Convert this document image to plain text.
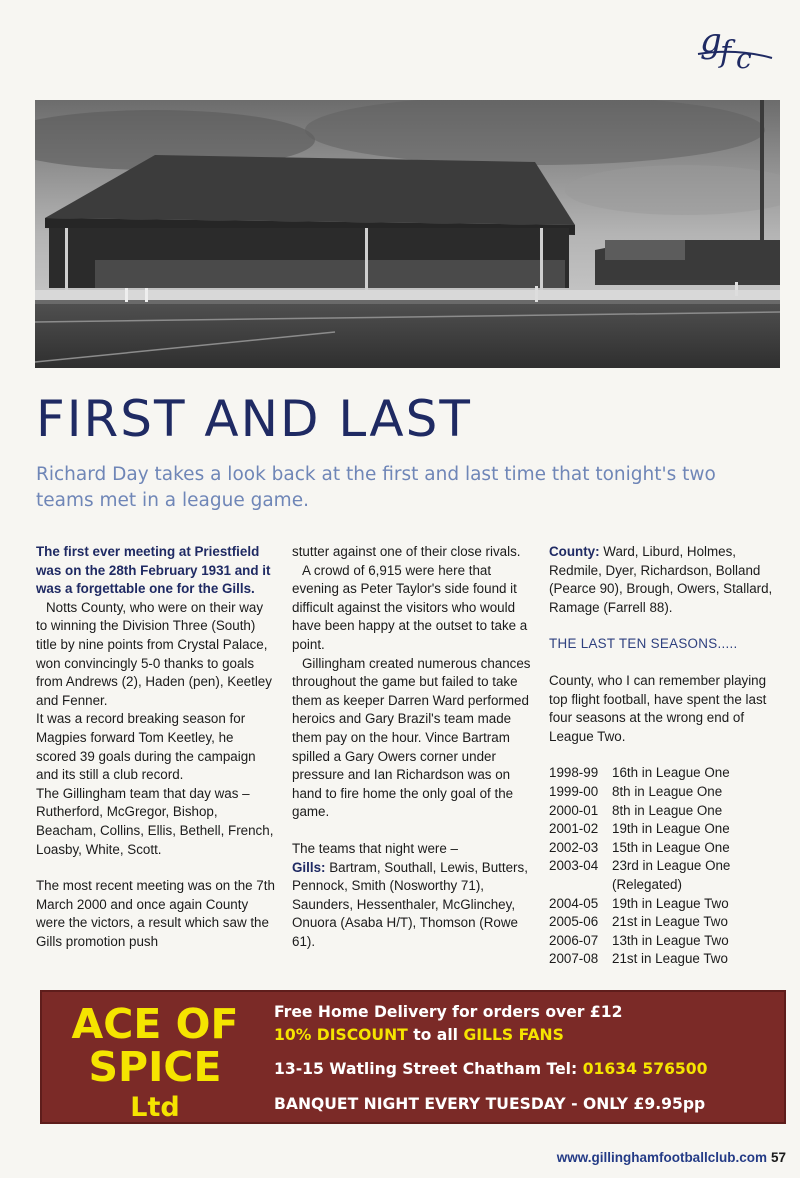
g
f c
FIRST AND LAST

Richard Day takes a look back at the first and last time that tonight's two teams met in a league game.

The first ever meeting at Priestfield was on the 28th February 1931 and it was a forgettable one for the Gills.

Notts County, who were on their way to winning the Division Three (South) title by nine points from Crystal Palace, won convincingly 5-0 thanks to goals from Andrews (2), Haden (pen), Keetley and Fenner.

It was a record breaking season for Magpies forward Tom Keetley, he scored 39 goals during the campaign and its still a club record.

The Gillingham team that day was – Rutherford, McGregor, Bishop, Beacham, Collins, Ellis, Bethell, French, Loasby, White, Scott.

The most recent meeting was on the 7th March 2000 and once again County were the victors, a result which saw the Gills promotion push

stutter against one of their close rivals.

A crowd of 6,915 were here that evening as Peter Taylor's side found it difficult against the visitors who would have been happy at the outset to take a point.

Gillingham created numerous chances throughout the game but failed to take them as keeper Darren Ward performed heroics and Gary Brazil's team made them pay on the hour. Vince Bartram spilled a Gary Owers corner under pressure and Ian Richardson was on hand to fire home the only goal of the game.

The teams that night were –

Gills: Bartram, Southall, Lewis, Butters, Pennock, Smith (Nosworthy 71), Saunders, Hessenthaler, McGlinchey, Onuora (Asaba H/T), Thomson (Rowe 61).

County: Ward, Liburd, Holmes, Redmile, Dyer, Richardson, Bolland (Pearce 90), Brough, Owers, Stallard, Ramage (Farrell 88).

THE LAST TEN SEASONS.....

County, who I can remember playing top flight football, have spent the last four seasons at the wrong end of League Two.

1998-99	16th in League One
1999-00	8th in League One
2000-01	8th in League One
2001-02	19th in League One
2002-03	15th in League One
2003-04	23rd in League One
(Relegated)
2004-05	19th in League Two
2005-06	21st in League Two
2006-07	13th in League Two
2007-08	21st in League Two
ACE OF
SPICE
Ltd
Free Home Delivery for orders over £12
10% DISCOUNT to all GILLS FANS
13-15 Watling Street Chatham Tel: 01634 576500
BANQUET NIGHT EVERY TUESDAY - ONLY £9.95pp
www.gillinghamfootballclub.com 57
